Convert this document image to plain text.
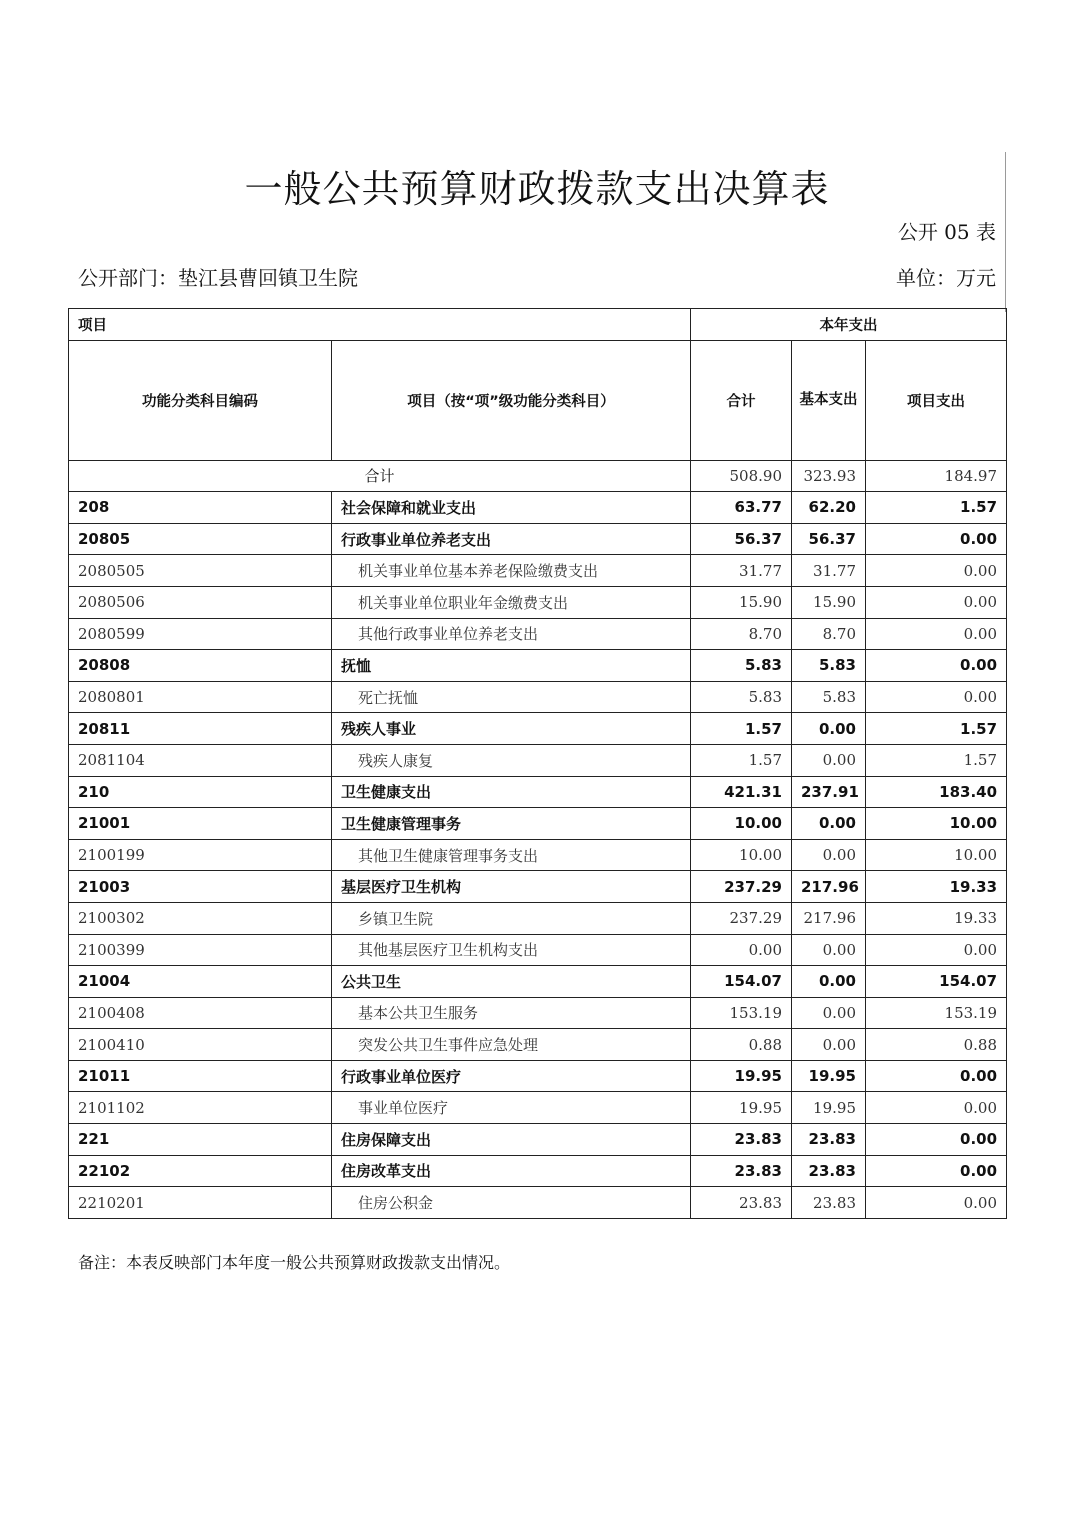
一般公共预算财政拨款支出决算表
公开 05 表
公开部门：垫江县曹回镇卫生院	单位：万元
项目		本年支出		
功能分类科目编码	项目（按“项”级功能分类科目）	合计	基本支出	项目支出
合计		508.90	323.93	184.97
208	社会保障和就业支出	63.77	62.20	1.57
20805	行政事业单位养老支出	56.37	56.37	0.00
2080505	机关事业单位基本养老保险缴费支出	31.77	31.77	0.00
2080506	机关事业单位职业年金缴费支出	15.90	15.90	0.00
2080599	其他行政事业单位养老支出	8.70	8.70	0.00
20808	抚恤	5.83	5.83	0.00
2080801	死亡抚恤	5.83	5.83	0.00
20811	残疾人事业	1.57	0.00	1.57
2081104	残疾人康复	1.57	0.00	1.57
210	卫生健康支出	421.31	237.91	183.40
21001	卫生健康管理事务	10.00	0.00	10.00
2100199	其他卫生健康管理事务支出	10.00	0.00	10.00
21003	基层医疗卫生机构	237.29	217.96	19.33
2100302	乡镇卫生院	237.29	217.96	19.33
2100399	其他基层医疗卫生机构支出	0.00	0.00	0.00
21004	公共卫生	154.07	0.00	154.07
2100408	基本公共卫生服务	153.19	0.00	153.19
2100410	突发公共卫生事件应急处理	0.88	0.00	0.88
21011	行政事业单位医疗	19.95	19.95	0.00
2101102	事业单位医疗	19.95	19.95	0.00
221	住房保障支出	23.83	23.83	0.00
22102	住房改革支出	23.83	23.83	0.00
2210201	住房公积金	23.83	23.83	0.00
备注：本表反映部门本年度一般公共预算财政拨款支出情况。
